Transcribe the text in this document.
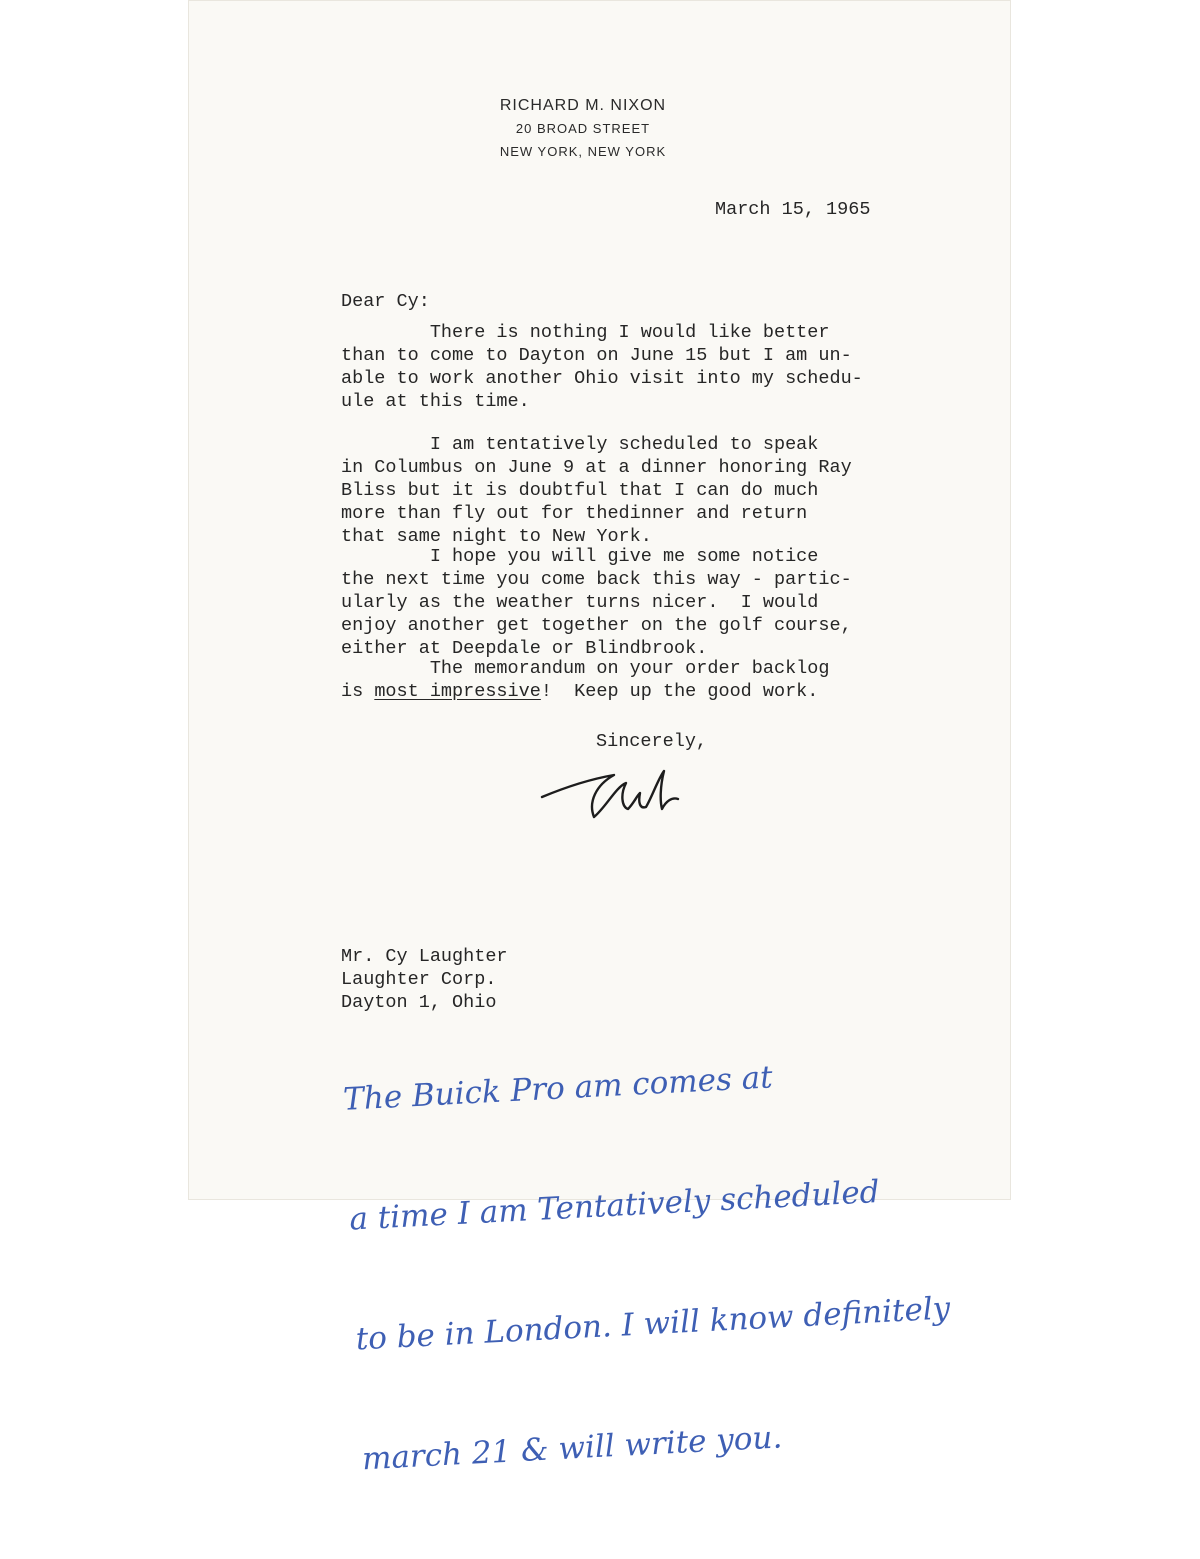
RICHARD M. NIXON
20 BROAD STREET
NEW YORK, NEW YORK
March 15, 1965
Dear Cy:
There is nothing I would like better
than to come to Dayton on June 15 but I am un-
able to work another Ohio visit into my schedu-
ule at this time.
I am tentatively scheduled to speak
in Columbus on June 9 at a dinner honoring Ray
Bliss but it is doubtful that I can do much
more than fly out for thedinner and return
that same night to New York.
I hope you will give me some notice
the next time you come back this way - partic-
ularly as the weather turns nicer.  I would
enjoy another get together on the golf course,
either at Deepdale or Blindbrook.
The memorandum on your order backlog
is most impressive!  Keep up the good work.
Sincerely,
Mr. Cy Laughter
Laughter Corp.
Dayton 1, Ohio

The Buick Pro am comes at

a time I am Tentatively scheduled

to be in London. I will know definitely

march 21 & will write you.
